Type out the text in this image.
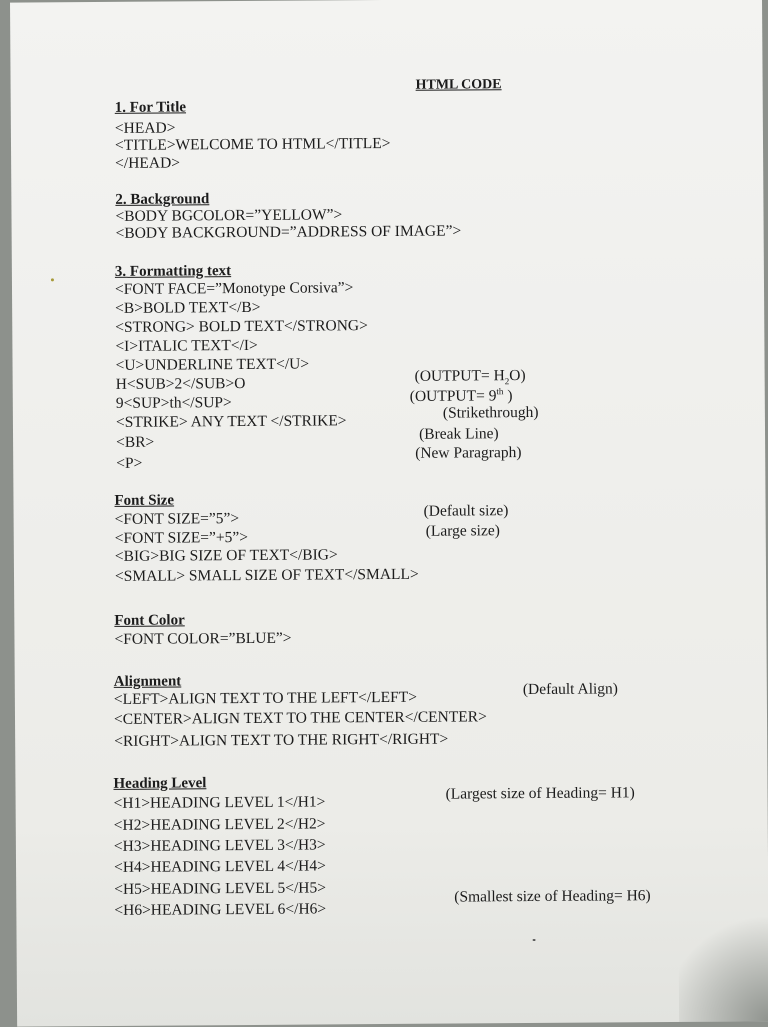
HTML CODE
1. For Title
<HEAD>
<TITLE>WELCOME TO HTML</TITLE>
</HEAD>
2. Background
<BODY BGCOLOR=”YELLOW”>
<BODY BACKGROUND=”ADDRESS OF IMAGE”>
3. Formatting text
<FONT FACE=”Monotype Corsiva”>
<B>BOLD TEXT</B>
<STRONG> BOLD TEXT</STRONG>
<I>ITALIC TEXT</I>
<U>UNDERLINE TEXT</U>
H<SUB>2</SUB>O
9<SUP>th</SUP>
<STRIKE> ANY TEXT </STRIKE>
<BR>
<P>
(OUTPUT= $H_2O$)
(OUTPUT= 9th )
(Strikethrough)
(Break Line)
(New Paragraph)
Font Size
<FONT SIZE=”5”>
<FONT SIZE=”+5”>
<BIG>BIG SIZE OF TEXT</BIG>
<SMALL> SMALL SIZE OF TEXT</SMALL>
(Default size)
(Large size)
Font Color
<FONT COLOR=”BLUE”>
Alignment
<LEFT>ALIGN TEXT TO THE LEFT</LEFT>
<CENTER>ALIGN TEXT TO THE CENTER</CENTER>
<RIGHT>ALIGN TEXT TO THE RIGHT</RIGHT>
(Default Align)
Heading Level
<H1>HEADING LEVEL 1</H1>
<H2>HEADING LEVEL 2</H2>
<H3>HEADING LEVEL 3</H3>
<H4>HEADING LEVEL 4</H4>
<H5>HEADING LEVEL 5</H5>
<H6>HEADING LEVEL 6</H6>
(Largest size of Heading= H1)
(Smallest size of Heading= H6)
